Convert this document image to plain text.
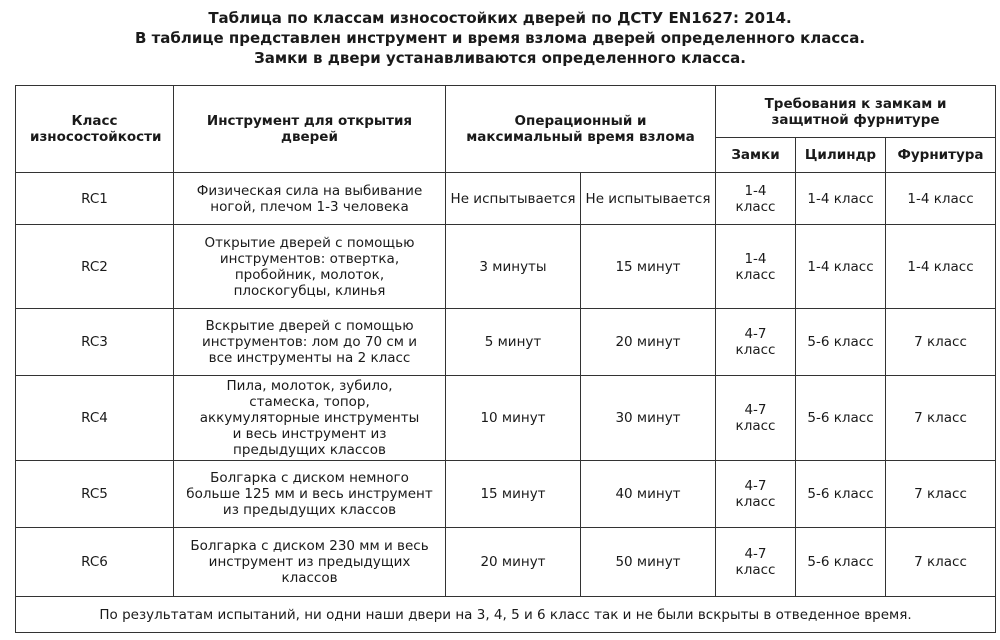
Таблица по классам износостойких дверей по ДСТУ EN1627: 2014.
В таблице представлен инструмент и время взлома дверей определенного класса.
Замки в двери устанавливаются определенного класса.
Класс износостойкости	Инструмент для открытия дверей	Операционный и максимальный время взлома		Требования к замкам и защитной фурнитуре		
				Замки	Цилиндр	Фурнитура
RC1	Физическая сила на выбивание ногой, плечом 1-3 человека	Не испытывается	Не испытывается	1-4 класс	1-4 класс	1-4 класс
RC2	Открытие дверей с помощью инструментов: отвертка, пробойник, молоток, плоскогубцы, клинья	3 минуты	15 минут	1-4 класс	1-4 класс	1-4 класс
RC3	Вскрытие дверей с помощью инструментов: лом до 70 см и все инструменты на 2 класс	5 минут	20 минут	4-7 класс	5-6 класс	7 класс
RC4	Пила, молоток, зубило, стамеска, топор, аккумуляторные инструменты и весь инструмент из предыдущих классов	10 минут	30 минут	4-7 класс	5-6 класс	7 класс
RC5	Болгарка с диском немного больше 125 мм и весь инструмент из предыдущих классов	15 минут	40 минут	4-7 класс	5-6 класс	7 класс
RC6	Болгарка с диском 230 мм и весь инструмент из предыдущих классов	20 минут	50 минут	4-7 класс	5-6 класс	7 класс
По результатам испытаний, ни одни наши двери на 3, 4, 5 и 6 класс так и не были вскрыты в отведенное время.						
